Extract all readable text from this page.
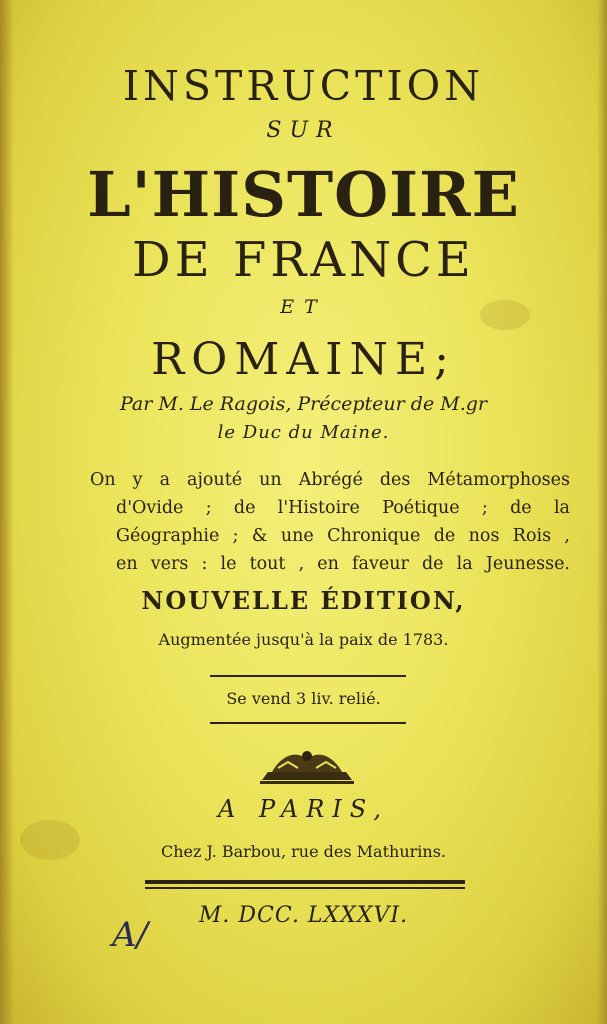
INSTRUCTION
SUR
L'HISTOIRE
DE FRANCE
ET
ROMAINE;
Par M. Le Ragois, Précepteur de M.gr
le Duc du Maine.
On y a ajouté un Abrégé des Métamorphoses
d'Ovide ; de l'Histoire Poétique ; de la
Géographie ; & une Chronique de nos Rois ,
en vers : le tout , en faveur de la Jeunesse.
NOUVELLE ÉDITION,
Augmentée jusqu'à la paix de 1783.
Se vend 3 liv. relié.
A PARIS,
Chez J. Barbou, rue des Mathurins.
M. DCC. LXXXVI.
A/
